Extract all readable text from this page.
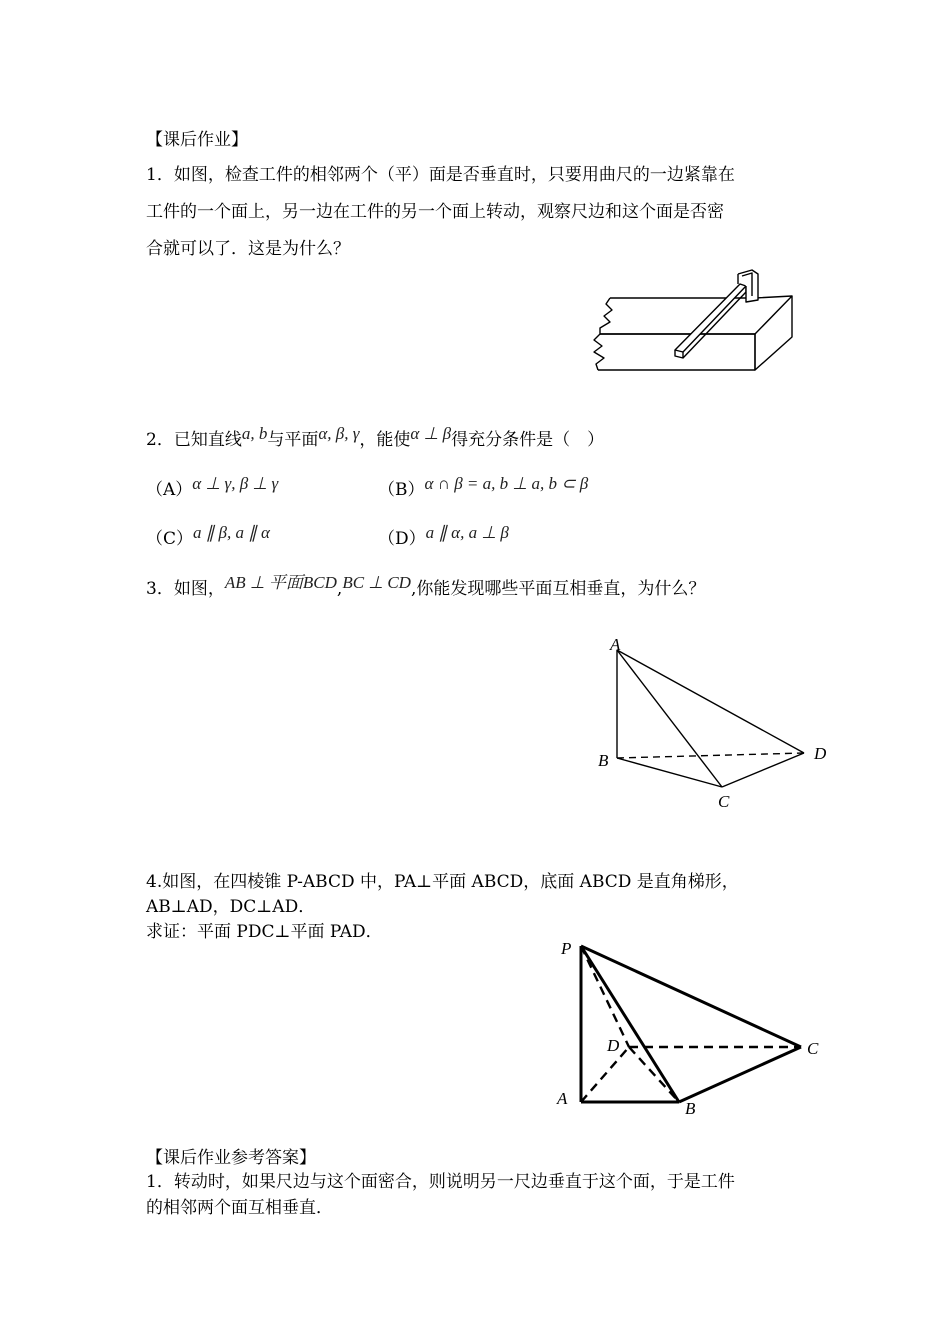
【课后作业】
1．如图，检查工件的相邻两个（平）面是否垂直时，只要用曲尺的一边紧靠在
工件的一个面上，另一边在工件的另一个面上转动，观察尺边和这个面是否密
合就可以了．这是为什么？
2．已知直线a, b与平面α, β, γ，能使α ⊥ β得充分条件是（　）
（A）α ⊥ γ, β ⊥ γ	（B）α ∩ β = a, b ⊥ a, b ⊂ β
（C）a ∥ β, a ∥ α	（D）a ∥ α, a ⊥ β
3．如图，AB ⊥ 平面BCD,BC ⊥ CD,你能发现哪些平面互相垂直，为什么？
A
B
C
D
4.如图，在四棱锥 P-ABCD 中，PA⊥平面 ABCD，底面 ABCD 是直角梯形，
AB⊥AD，DC⊥AD．
求证：平面 PDC⊥平面 PAD．
P
A
B
C
D
【课后作业参考答案】
1．转动时，如果尺边与这个面密合，则说明另一尺边垂直于这个面，于是工件
的相邻两个面互相垂直．
